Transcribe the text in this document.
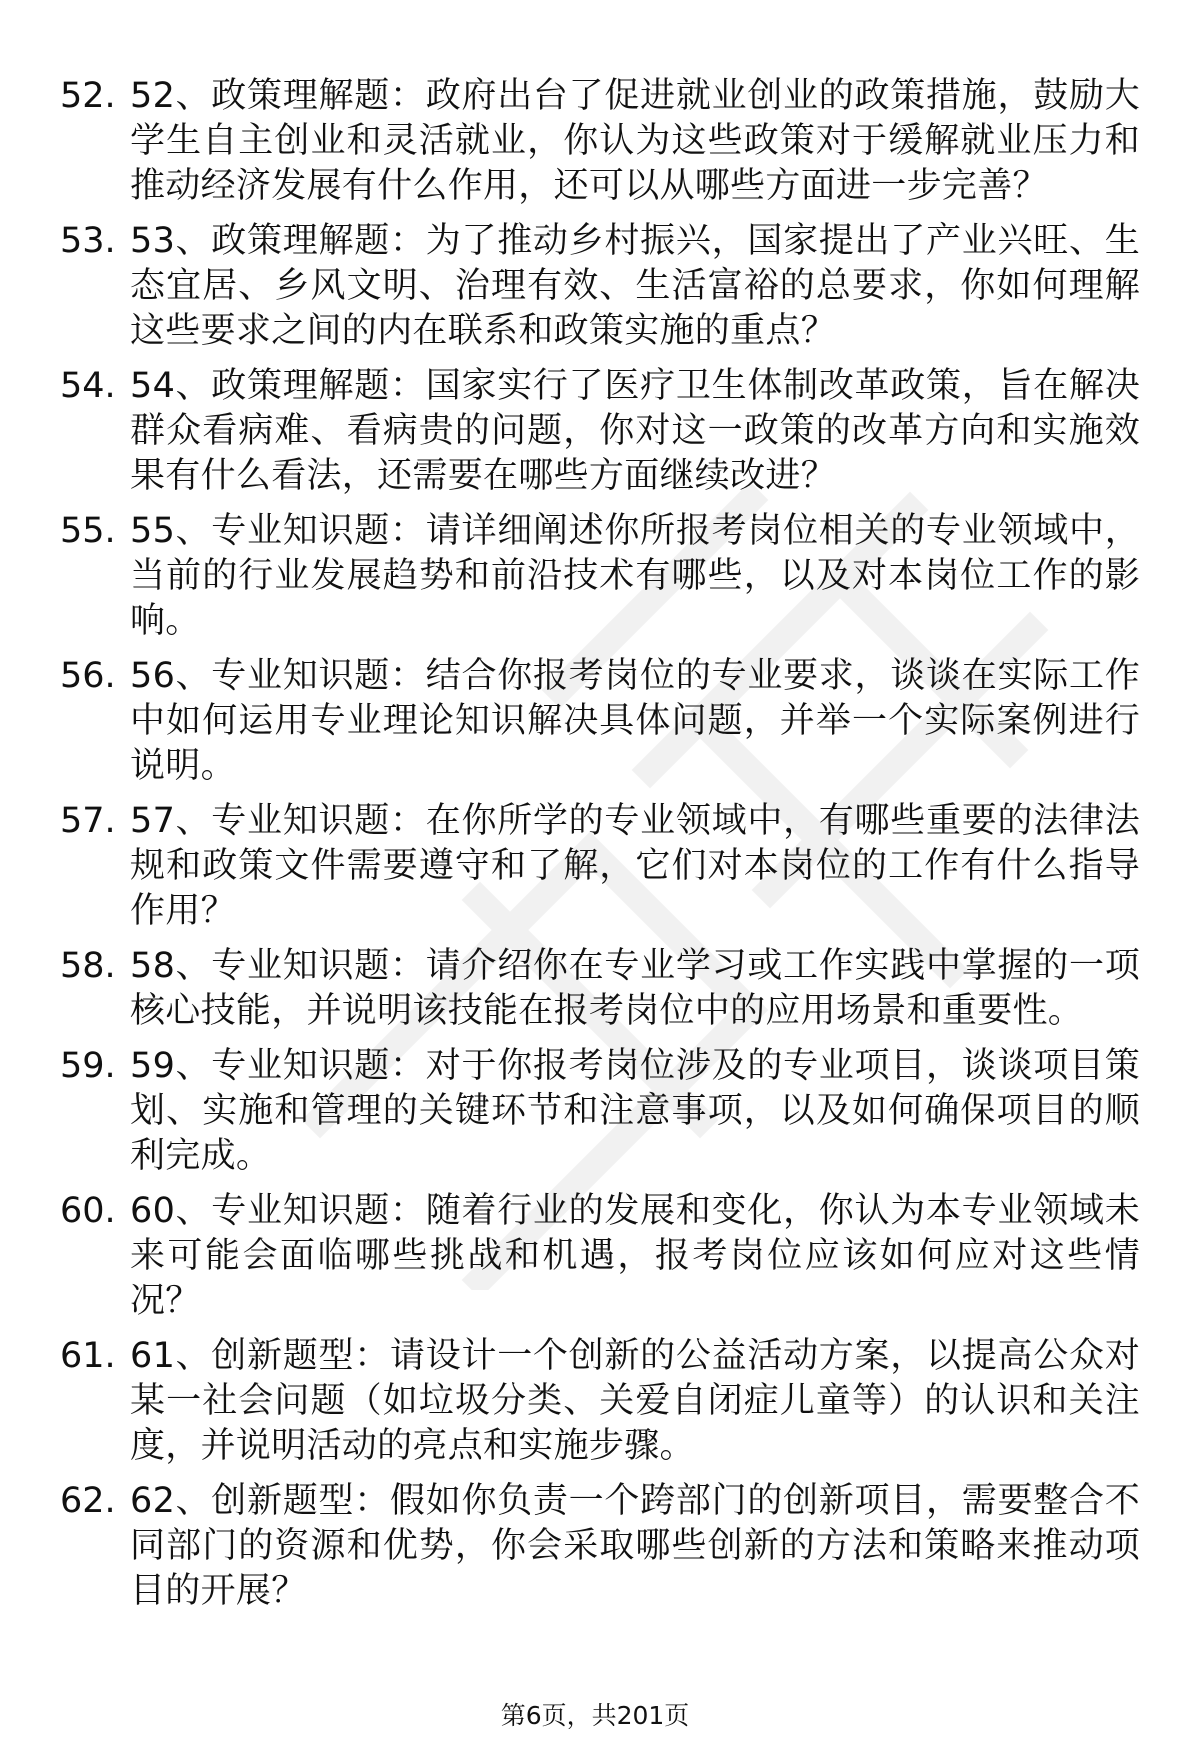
52. 52、政策理解题：政府出台了促进就业创业的政策措施，鼓励大学生自主创业和灵活就业，你认为这些政策对于缓解就业压力和推动经济发展有什么作用，还可以从哪些方面进一步完善？
53. 53、政策理解题：为了推动乡村振兴，国家提出了产业兴旺、生态宜居、乡风文明、治理有效、生活富裕的总要求，你如何理解这些要求之间的内在联系和政策实施的重点？
54. 54、政策理解题：国家实行了医疗卫生体制改革政策，旨在解决群众看病难、看病贵的问题，你对这一政策的改革方向和实施效果有什么看法，还需要在哪些方面继续改进？
55. 55、专业知识题：请详细阐述你所报考岗位相关的专业领域中，当前的行业发展趋势和前沿技术有哪些，以及对本岗位工作的影响。
56. 56、专业知识题：结合你报考岗位的专业要求，谈谈在实际工作中如何运用专业理论知识解决具体问题，并举一个实际案例进行说明。
57. 57、专业知识题：在你所学的专业领域中，有哪些重要的法律法规和政策文件需要遵守和了解，它们对本岗位的工作有什么指导作用？
58. 58、专业知识题：请介绍你在专业学习或工作实践中掌握的一项核心技能，并说明该技能在报考岗位中的应用场景和重要性。
59. 59、专业知识题：对于你报考岗位涉及的专业项目，谈谈项目策划、实施和管理的关键环节和注意事项，以及如何确保项目的顺利完成。
60. 60、专业知识题：随着行业的发展和变化，你认为本专业领域未来可能会面临哪些挑战和机遇，报考岗位应该如何应对这些情况？
61. 61、创新题型：请设计一个创新的公益活动方案，以提高公众对某一社会问题（如垃圾分类、关爱自闭症儿童等）的认识和关注度，并说明活动的亮点和实施步骤。
62. 62、创新题型：假如你负责一个跨部门的创新项目，需要整合不同部门的资源和优势，你会采取哪些创新的方法和策略来推动项目的开展？
第6页，共201页
